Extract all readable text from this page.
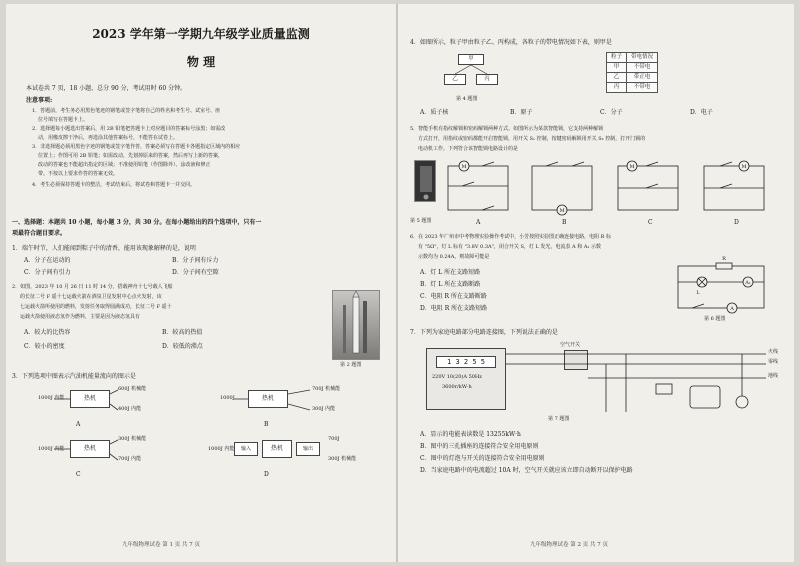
2023 学年第一学期九年级学业质量监测
物 理
本试卷共 7 页，18 小题，总分 90 分，考试用时 60 分钟。
注意事项:
1．答题前，考生务必用黑色笔迹的钢笔或签字笔将自己的姓名和考生号、试室号、座
位号填写在答题卡上。
2．选择题每小题选出答案后，用 2B 铅笔把答题卡上对应题目的答案标号涂黑；如需改
动，用橡皮擦干净后，再选涂其他答案标号，不能答在试卷上。
3．非选择题必须用黑色字迹的钢笔或签字笔作答，答案必须写在答题卡各题指定区域内的相应
位置上；作图可用 2B 铅笔；如需改动，先划掉原来的答案，然后再写上新的答案，
改动的答案也不能超出指定的区域；不准使用铅笔（作图除外）、涂改液和修正
带。不按以上要求作答的答案无效。
4．考生必须保持答题卡的整洁，考试结束后，将试卷和答题卡一并交回。
一、选择题：本题共 10 小题，每小题 3 分，共 30 分。在每小题给出的四个选项中，只有一
项最符合题目要求。
1．端午时节，人们能闻到粽子中的清香，能用该现象解释的是，说明
A．分子在运动的	B．分子间有斥力
C．分子间有引力	D．分子间有空隙
2．如图，2023 年 10 月 26 日 11 时 14 分，搭载神舟十七号载人飞船
的长征二号 F 遥十七运载火箭在酒泉卫星发射中心点火发射，该
七运载火箭所使用的燃料，发射任务取得圆满成功，长征二号 F 遥十
运载火箭使用液态氢作为燃料，主要是因为液态氢具有
A．较大的比热容	B．较高的热值
C．较小的密度	D．较低的沸点
第 2 题图
3．下列选项中图表示汽油机能量流向的图示是
1000J 内能	热机
600J 机械能
400J 内能
A
1000J	热机
700J 机械能
300J 内能
B
1000J 内能	热机
300J 机械能
700J 内能
C
1000J 内能	输入	热机	输出
700J
300J 机械能
D
九年级物理试卷 第 1 页 共 7 页
4．如图所示，粒子甲由粒子乙、丙构成，各粒子的带电情况如下表，则甲是
甲
乙	丙
第 4 题图
粒子	带电情况
甲	不带电
乙	带正电
丙	不带电
A．质子核	B．原子	C．分子	D．电子
5．智能手机有指纹解锁和密码解锁两种方式。如图所示为某款智能锁，它支持两种解锁
方式打开，用指纹或密码都能开启智能锁，用开关 S₁ 控制，按键密码解锁用开关 S₂ 控制，打开门锁的
电动机工作。下列符合该智能锁电路设计的是
M
M
M	M
第 5 题图	A	B	C	D
6．在 2023 年广州市中考物理实验操作考试中，小芳按照实验图正确连接电路，电阻 R 标
有 "5Ω"，灯 L 标有 "3.8V 0.3A"，闭合开关 S，灯 L 发光，电流表 A 和 A₁ 示数
示数均为 0.24A，则故障可能是
A．灯 L 所在支路短路
B．灯 L 所在支路断路
C．电阻 R 所在支路断路
D．电阻 R 所在支路短路
R
A₁
A
L
第 6 题图
7．下列为家庭电路部分电路连接图，下列说法正确的是
1 3 2 5 5
220V 10(20)A 50Hz
3600r/kW·h
空气开关
火线
零线
地线
第 7 题图
A．显示的电能表读数是 13255kW·h
B．图中的三孔插座的连接符合安全用电原则
C．图中的灯泡与开关的连接符合安全用电原则
D．当家庭电路中的电流超过 10A 时，空气开关就应该立即自动断开以保护电路
九年级物理试卷 第 2 页 共 7 页
